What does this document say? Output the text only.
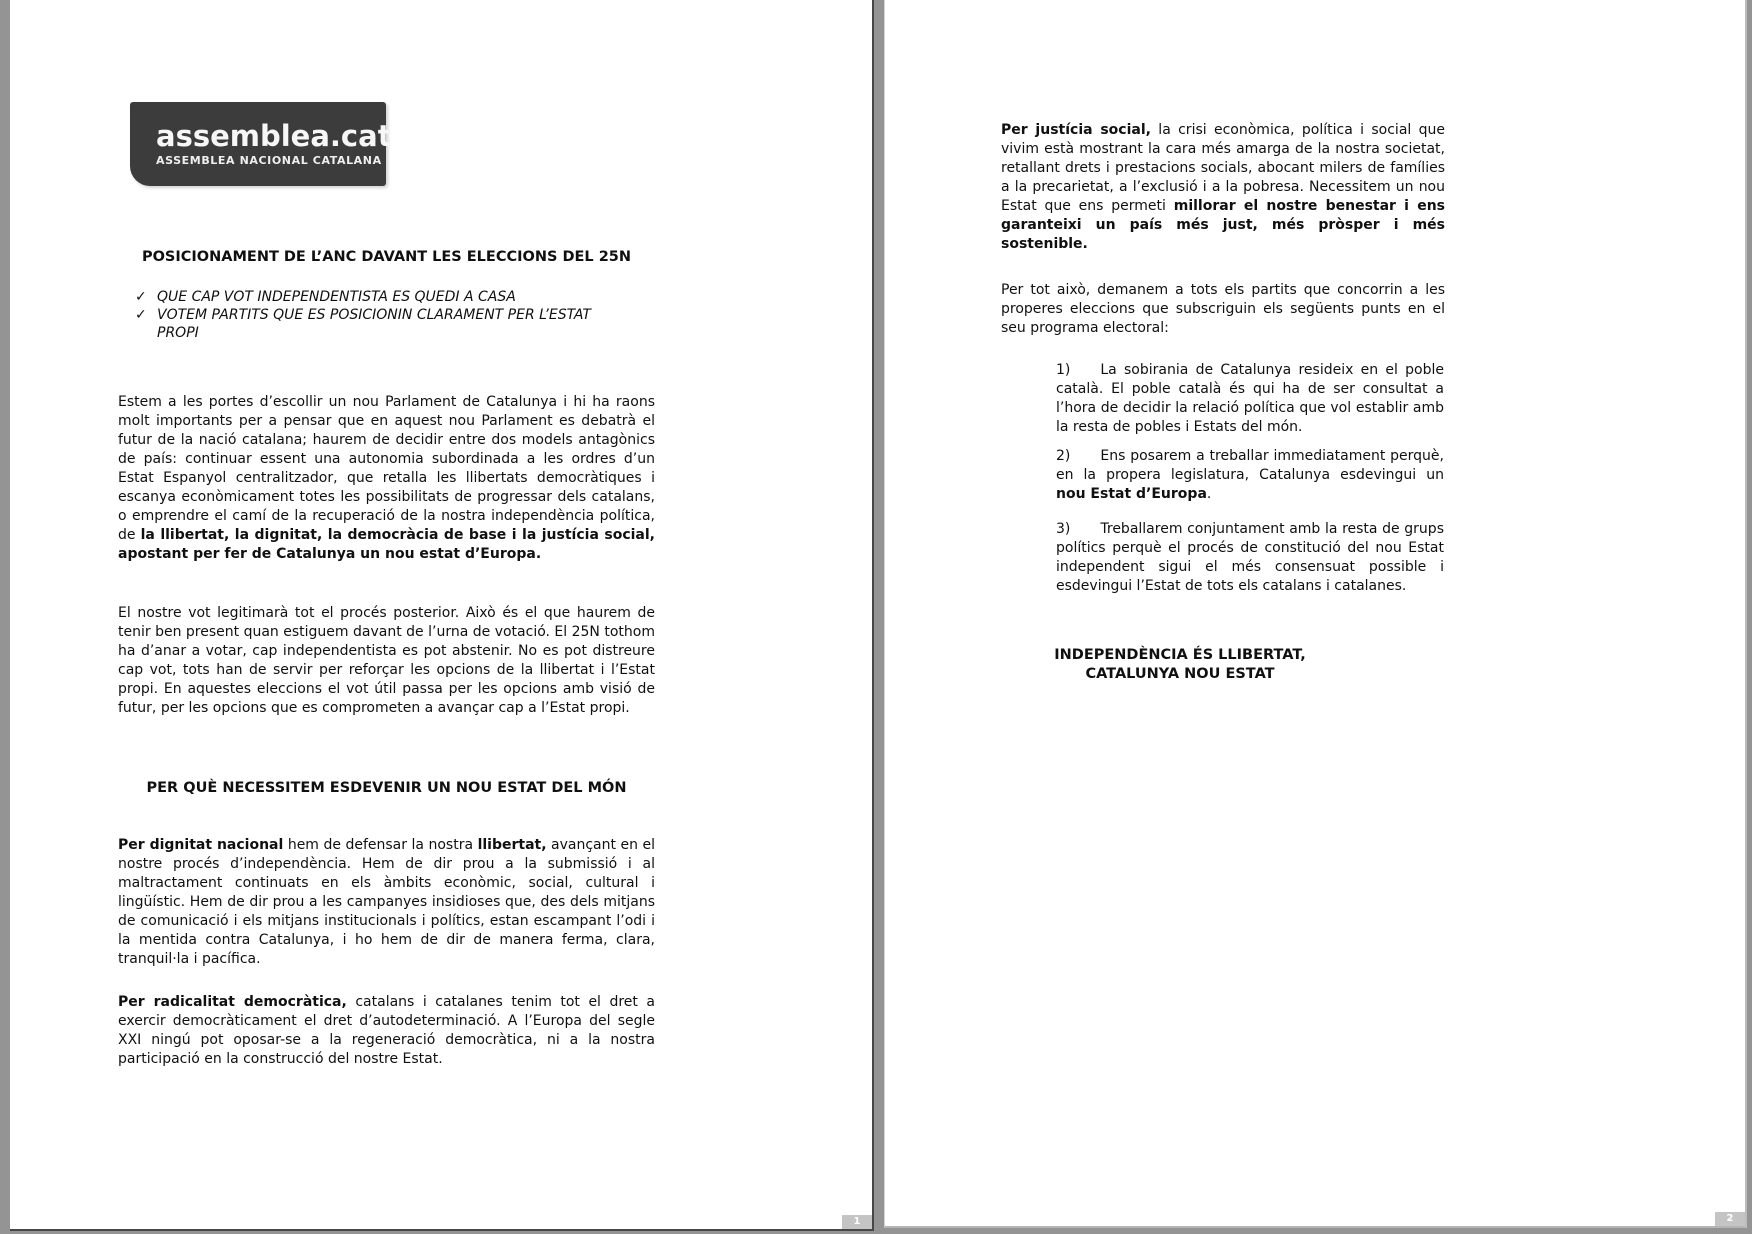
assemblea.cat
ASSEMBLEA NACIONAL CATALANA
POSICIONAMENT DE L’ANC DAVANT LES ELECCIONS DEL 25N
✓ QUE CAP VOT INDEPENDENTISTA ES QUEDI A CASA
✓ VOTEM PARTITS QUE ES POSICIONIN CLARAMENT PER L’ESTAT PROPI

Estem a les portes d’escollir un nou Parlament de Catalunya i hi ha raons molt importants per a pensar que en aquest nou Parlament es debatrà el futur de la nació catalana; haurem de decidir entre dos models antagònics de país: continuar essent una autonomia subordinada a les ordres d’un Estat Espanyol centralitzador, que retalla les llibertats democràtiques i escanya econòmicament totes les possibilitats de progressar dels catalans, o emprendre el camí de la recuperació de la nostra independència política, de la llibertat, la dignitat, la democràcia de base i la justícia social, apostant per fer de Catalunya un nou estat d’Europa.

El nostre vot legitimarà tot el procés posterior. Això és el que haurem de tenir ben present quan estiguem davant de l’urna de votació. El 25N tothom ha d’anar a votar, cap independentista es pot abstenir. No es pot distreure cap vot, tots han de servir per reforçar les opcions de la llibertat i l’Estat propi. En aquestes eleccions el vot útil passa per les opcions amb visió de futur, per les opcions que es comprometen a avançar cap a l’Estat propi.

PER QUÈ NECESSITEM ESDEVENIR UN NOU ESTAT DEL MÓN

Per dignitat nacional hem de defensar la nostra llibertat, avançant en el nostre procés d’independència. Hem de dir prou a la submissió i al maltractament continuats en els àmbits econòmic, social, cultural i lingüístic. Hem de dir prou a les campanyes insidioses que, des dels mitjans de comunicació i els mitjans institucionals i polítics, estan escampant l’odi i la mentida contra Catalunya, i ho hem de dir de manera ferma, clara, tranquil·la i pacífica.

Per radicalitat democràtica, catalans i catalanes tenim tot el dret a exercir democràticament el dret d’autodeterminació. A l’Europa del segle XXI ningú pot oposar-se a la regeneració democràtica, ni a la nostra participació en la construcció del nostre Estat.

1

Per justícia social, la crisi econòmica, política i social que vivim està mostrant la cara més amarga de la nostra societat, retallant drets i prestacions socials, abocant milers de famílies a la precarietat, a l’exclusió i a la pobresa. Necessitem un nou Estat que ens permeti millorar el nostre benestar i ens garanteixi un país més just, més pròsper i més sostenible.

Per tot això, demanem a tots els partits que concorrin a les properes eleccions que subscriguin els següents punts en el seu programa electoral:

1) La sobirania de Catalunya resideix en el poble català. El poble català és qui ha de ser consultat a l’hora de decidir la relació política que vol establir amb la resta de pobles i Estats del món.
2) Ens posarem a treballar immediatament perquè, en la propera legislatura, Catalunya esdevingui un nou Estat d’Europa.
3) Treballarem conjuntament amb la resta de grups polítics perquè el procés de constitució del nou Estat independent sigui el més consensuat possible i esdevingui l’Estat de tots els catalans i catalanes.
INDEPENDÈNCIA ÉS LLIBERTAT,
CATALUNYA NOU ESTAT
2
